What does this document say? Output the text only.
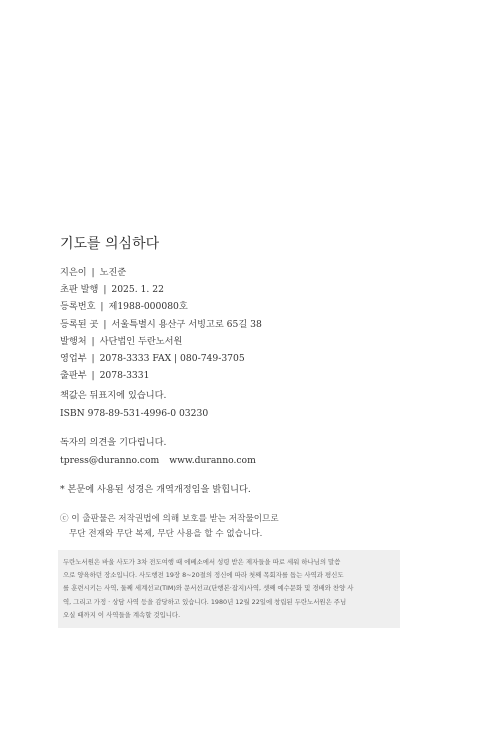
기도를 의심하다
지은이 | 노진준
초판 발행 | 2025. 1. 22
등록번호 | 제1988-000080호
등록된 곳 | 서울특별시 용산구 서빙고로 65길 38
발행처 | 사단법인 두란노서원
영업부 | 2078-3333 FAX | 080-749-3705
출판부 | 2078-3331
책값은 뒤표지에 있습니다.
ISBN 978-89-531-4996-0 03230
독자의 의견을 기다립니다.
tpress@duranno.com www.duranno.com
* 본문에 사용된 성경은 개역개정임을 밝힙니다.
ⓒ 이 출판물은 저작권법에 의해 보호를 받는 저작물이므로
무단 전재와 무단 복제, 무단 사용을 할 수 없습니다.
두란노서원은 바울 사도가 3차 전도여행 때 에베소에서 성령 받은 제자들을 따로 세워 하나님의 말씀
으로 양육하던 장소입니다. 사도행전 19장 8~20절의 정신에 따라 첫째 목회자를 돕는 사역과 평신도
를 훈련시키는 사역, 둘째 세계선교(TIM)와 문서선교(단행본·잡지)사역, 셋째 예수문화 및 경배와 찬양 사
역, 그리고 가정 · 상담 사역 등을 감당하고 있습니다. 1980년 12월 22일에 창립된 두란노서원은 주님
오실 때까지 이 사역들을 계속할 것입니다.
